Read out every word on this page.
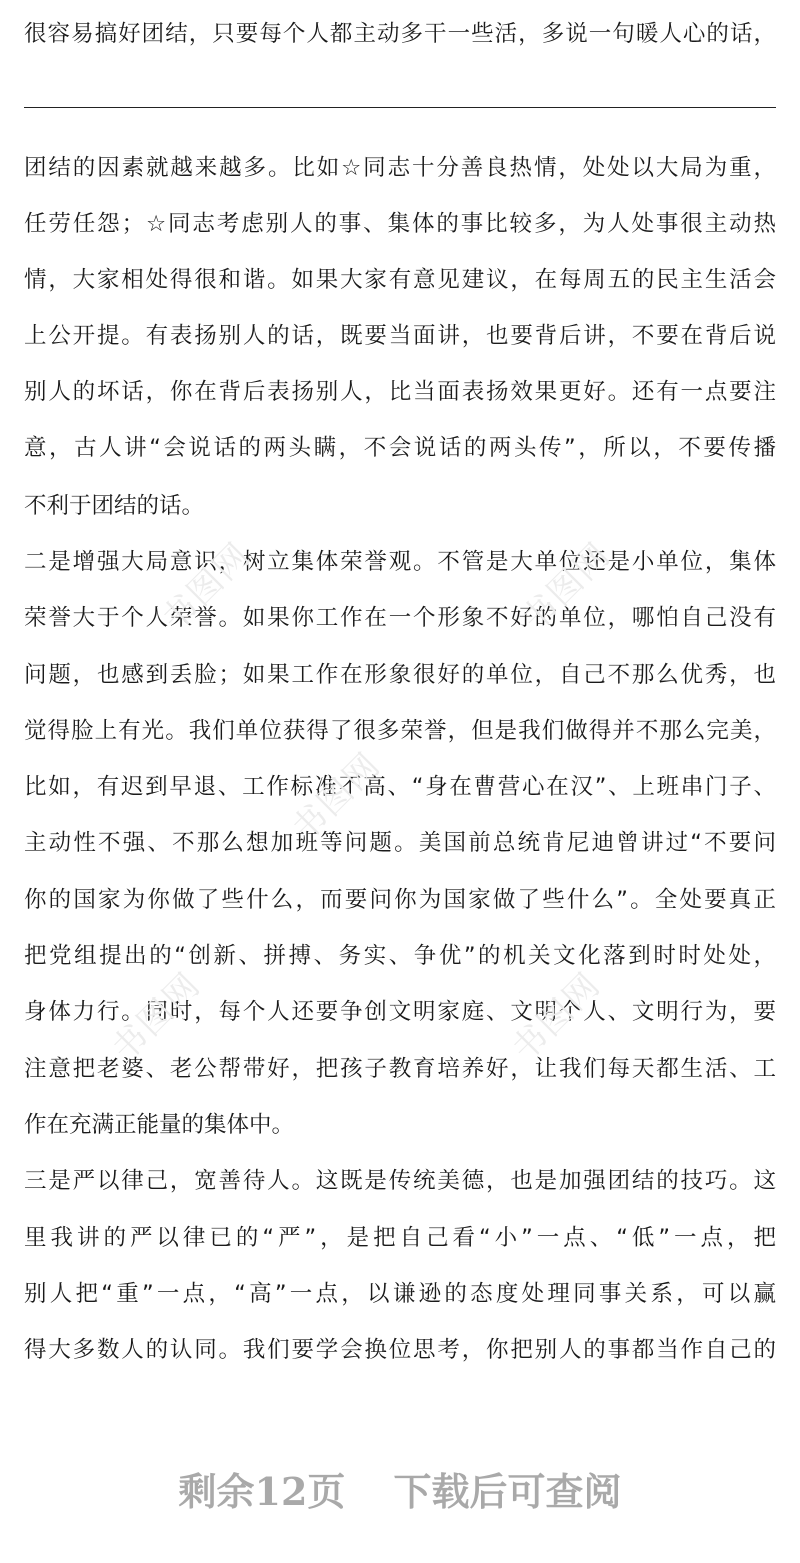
很容易搞好团结，只要每个人都主动多干一些活，多说一句暖人心的话，
团结的因素就越来越多。比如☆同志十分善良热情，处处以大局为重，
任劳任怨；☆同志考虑别人的事、集体的事比较多，为人处事很主动热
情，大家相处得很和谐。如果大家有意见建议，在每周五的民主生活会
上公开提。有表扬别人的话，既要当面讲，也要背后讲，不要在背后说
别人的坏话，你在背后表扬别人，比当面表扬效果更好。还有一点要注
意，古人讲“会说话的两头瞒，不会说话的两头传”，所以，不要传播
不利于团结的话。
二是增强大局意识，树立集体荣誉观。不管是大单位还是小单位，集体
荣誉大于个人荣誉。如果你工作在一个形象不好的单位，哪怕自己没有
问题，也感到丢脸；如果工作在形象很好的单位，自己不那么优秀，也
觉得脸上有光。我们单位获得了很多荣誉，但是我们做得并不那么完美，
比如，有迟到早退、工作标准不高、“身在曹营心在汉”、上班串门子、
主动性不强、不那么想加班等问题。美国前总统肯尼迪曾讲过“不要问
你的国家为你做了些什么，而要问你为国家做了些什么”。全处要真正
把党组提出的“创新、拼搏、务实、争优”的机关文化落到时时处处，
身体力行。同时，每个人还要争创文明家庭、文明个人、文明行为，要
注意把老婆、老公帮带好，把孩子教育培养好，让我们每天都生活、工
作在充满正能量的集体中。
三是严以律己，宽善待人。这既是传统美德，也是加强团结的技巧。这
里我讲的严以律已的“严”，是把自己看“小”一点、“低”一点，把
别人把“重”一点，“高”一点，以谦逊的态度处理同事关系，可以赢
得大多数人的认同。我们要学会换位思考，你把别人的事都当作自己的
书图网	书图网
书图网
书图网	书图网
剩余12页 下载后可查阅
